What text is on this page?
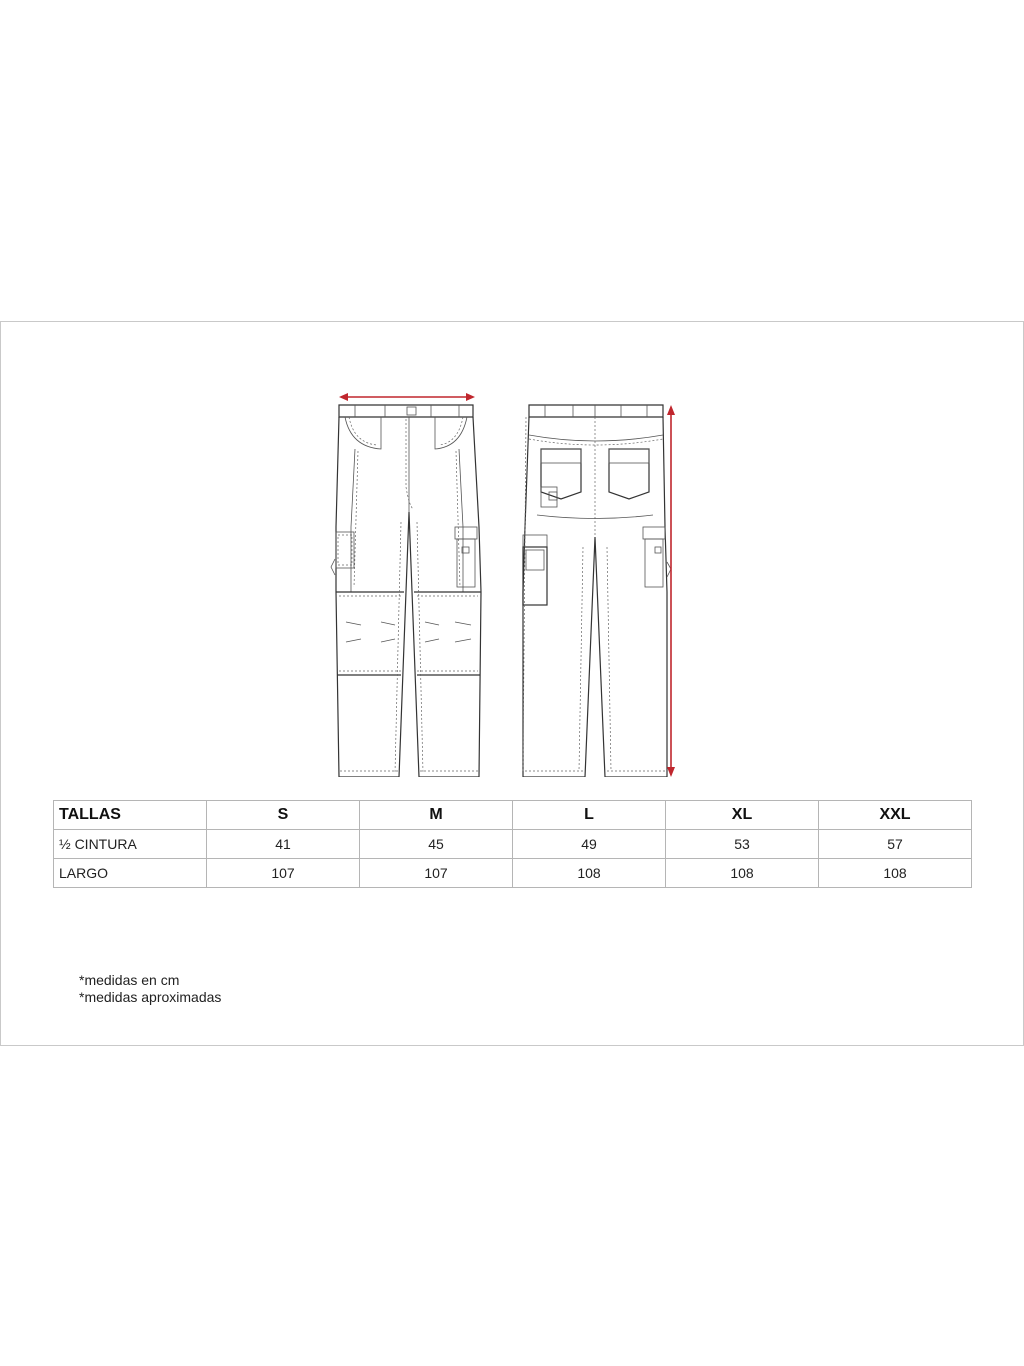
TALLAS	S	M	L	XL	XXL
½ CINTURA	41	45	49	53	57
LARGO	107	107	108	108	108
*medidas en cm
*medidas aproximadas
